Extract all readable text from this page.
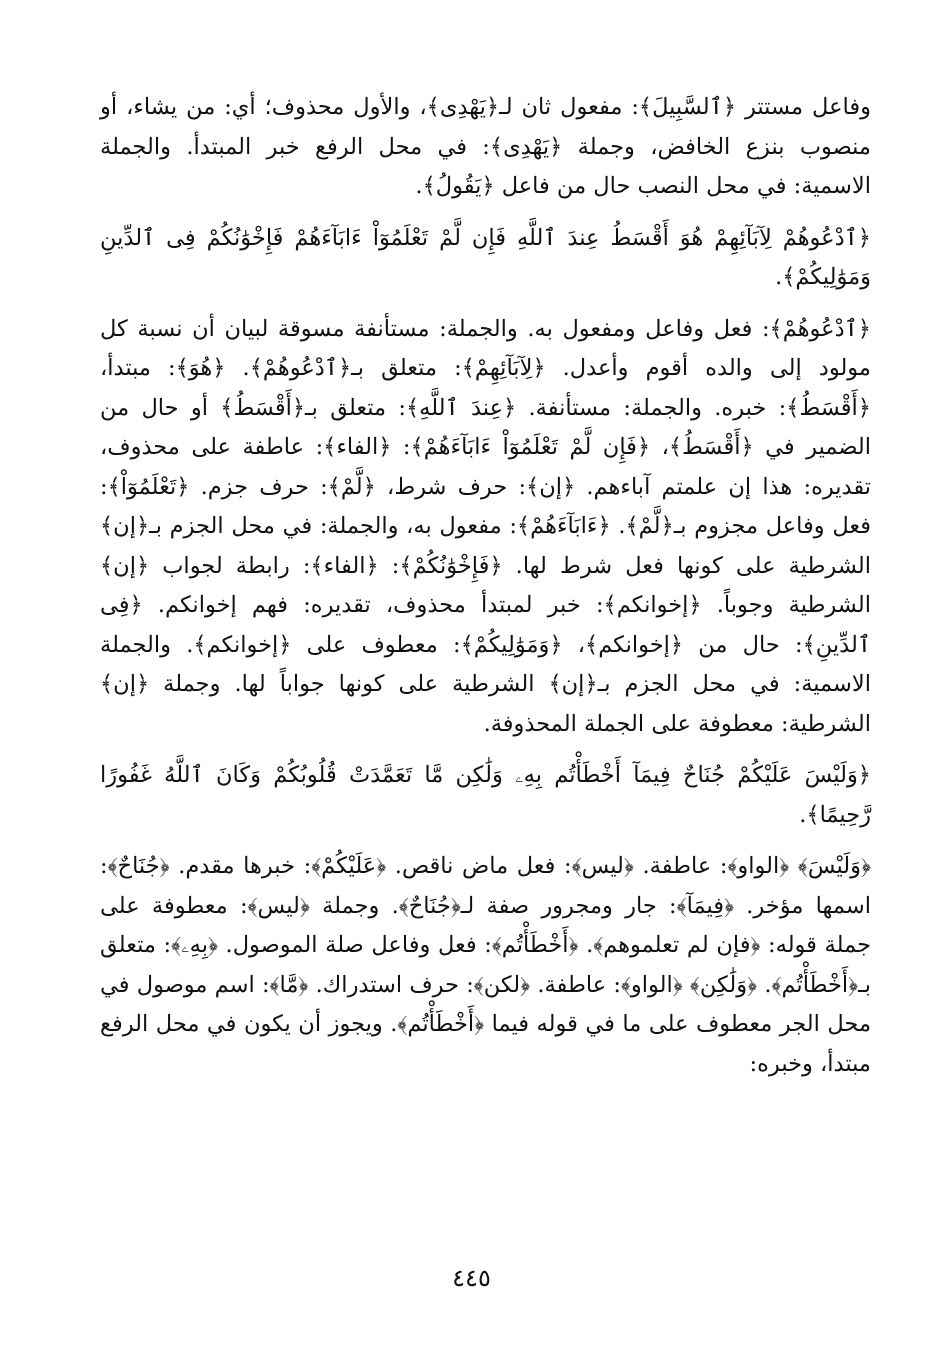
وفاعل مستتر ﴿ٱلسَّبِيلَ﴾: مفعول ثان لـ﴿يَهْدِى﴾، والأول محذوف؛ أي: من يشاء، أو منصوب بنزع الخافض، وجملة ﴿يَهْدِى﴾: في محل الرفع خبر المبتدأ. والجملة الاسمية: في محل النصب حال من فاعل ﴿يَقُولُ﴾.

﴿ٱدْعُوهُمْ لِآبَآئِهِمْ هُوَ أَقْسَطُ عِندَ ٱللَّهِ فَإِن لَّمْ تَعْلَمُوٓاْ ءَابَآءَهُمْ فَإِخْوَٰنُكُمْ فِى ٱلدِّينِ وَمَوَٰلِيكُمْ﴾.

﴿ٱدْعُوهُمْ﴾: فعل وفاعل ومفعول به. والجملة: مستأنفة مسوقة لبيان أن نسبة كل مولود إلى والده أقوم وأعدل. ﴿لِآبَآئِهِمْ﴾: متعلق بـ﴿ٱدْعُوهُمْ﴾. ﴿هُوَ﴾: مبتدأ، ﴿أَقْسَطُ﴾: خبره. والجملة: مستأنفة. ﴿عِندَ ٱللَّهِ﴾: متعلق بـ﴿أَقْسَطُ﴾ أو حال من الضمير في ﴿أَقْسَطُ﴾، ﴿فَإِن لَّمْ تَعْلَمُوٓاْ ءَابَآءَهُمْ﴾: ﴿الفاء﴾: عاطفة على محذوف، تقديره: هذا إن علمتم آباءهم. ﴿إن﴾: حرف شرط، ﴿لَّمْ﴾: حرف جزم. ﴿تَعْلَمُوٓاْ﴾: فعل وفاعل مجزوم بـ﴿لَّمْ﴾. ﴿ءَابَآءَهُمْ﴾: مفعول به، والجملة: في محل الجزم بـ﴿إن﴾ الشرطية على كونها فعل شرط لها. ﴿فَإِخْوَٰنُكُمْ﴾: ﴿الفاء﴾: رابطة لجواب ﴿إن﴾ الشرطية وجوباً. ﴿إخوانكم﴾: خبر لمبتدأ محذوف، تقديره: فهم إخوانكم. ﴿فِى ٱلدِّينِ﴾: حال من ﴿إخوانكم﴾، ﴿وَمَوَٰلِيكُمْ﴾: معطوف على ﴿إخوانكم﴾. والجملة الاسمية: في محل الجزم بـ﴿إن﴾ الشرطية على كونها جواباً لها. وجملة ﴿إن﴾ الشرطية: معطوفة على الجملة المحذوفة.

﴿وَلَيْسَ عَلَيْكُمْ جُنَاحٌ فِيمَآ أَخْطَأْتُم بِهِۦ وَلَٰكِن مَّا تَعَمَّدَتْ قُلُوبُكُمْ وَكَانَ ٱللَّهُ غَفُورًا رَّحِيمًا﴾.

﴿وَلَيْسَ﴾ ﴿الواو﴾: عاطفة. ﴿ليس﴾: فعل ماض ناقص. ﴿عَلَيْكُمْ﴾: خبرها مقدم. ﴿جُنَاحٌ﴾: اسمها مؤخر. ﴿فِيمَآ﴾: جار ومجرور صفة لـ﴿جُنَاحٌ﴾. وجملة ﴿ليس﴾: معطوفة على جملة قوله: ﴿فإن لم تعلموهم﴾. ﴿أَخْطَأْتُم﴾: فعل وفاعل صلة الموصول. ﴿بِهِۦ﴾: متعلق بـ﴿أَخْطَأْتُم﴾. ﴿وَلَٰكِن﴾ ﴿الواو﴾: عاطفة. ﴿لكن﴾: حرف استدراك. ﴿مَّا﴾: اسم موصول في محل الجر معطوف على ما في قوله فيما ﴿أَخْطَأْتُم﴾. ويجوز أن يكون في محل الرفع مبتدأ، وخبره:

٤٤٥
